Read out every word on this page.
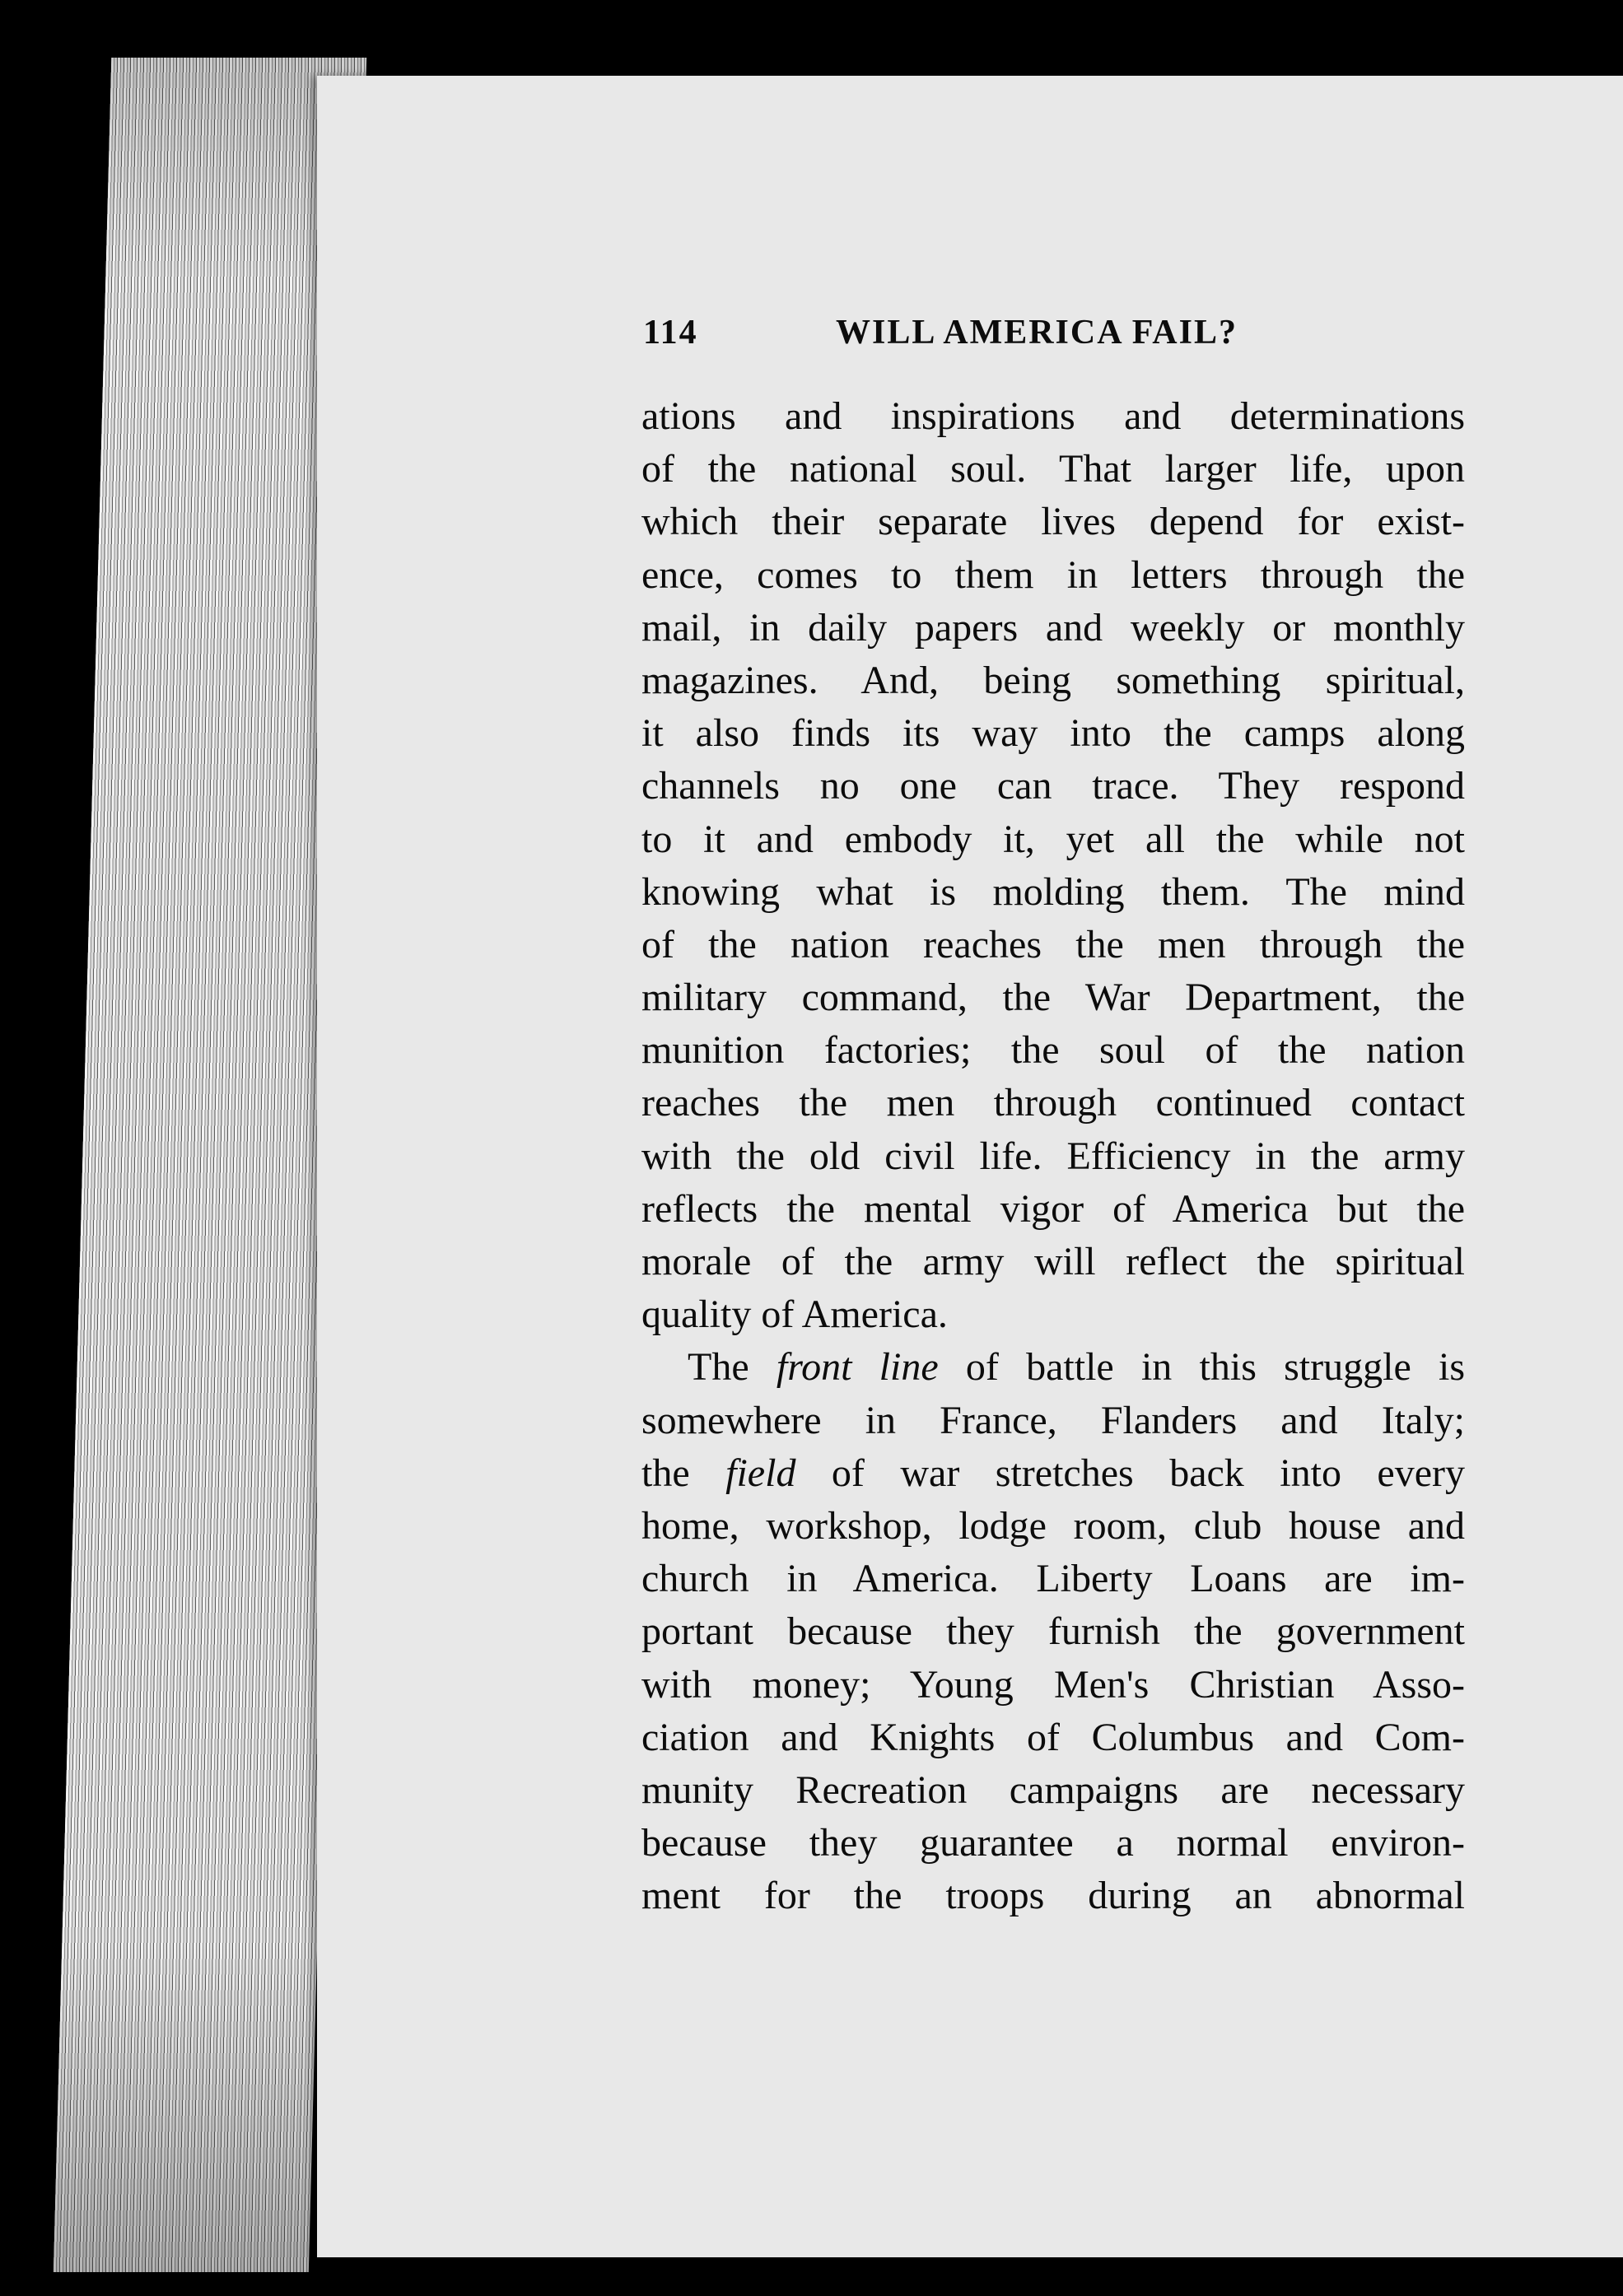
114	WILL AMERICA FAIL?
ations and inspirations and determinations
of the national soul. That larger life, upon
which their separate lives depend for exist-
ence, comes to them in letters through the
mail, in daily papers and weekly or monthly
magazines. And, being something spiritual,
it also finds its way into the camps along
channels no one can trace. They respond
to it and embody it, yet all the while not
knowing what is molding them. The mind
of the nation reaches the men through the
military command, the War Department, the
munition factories; the soul of the nation
reaches the men through continued contact
with the old civil life. Efficiency in the army
reflects the mental vigor of America but the
morale of the army will reflect the spiritual
quality of America.
The front line of battle in this struggle is
somewhere in France, Flanders and Italy;
the field of war stretches back into every
home, workshop, lodge room, club house and
church in America. Liberty Loans are im-
portant because they furnish the government
with money; Young Men's Christian Asso-
ciation and Knights of Columbus and Com-
munity Recreation campaigns are necessary
because they guarantee a normal environ-
ment for the troops during an abnormal
